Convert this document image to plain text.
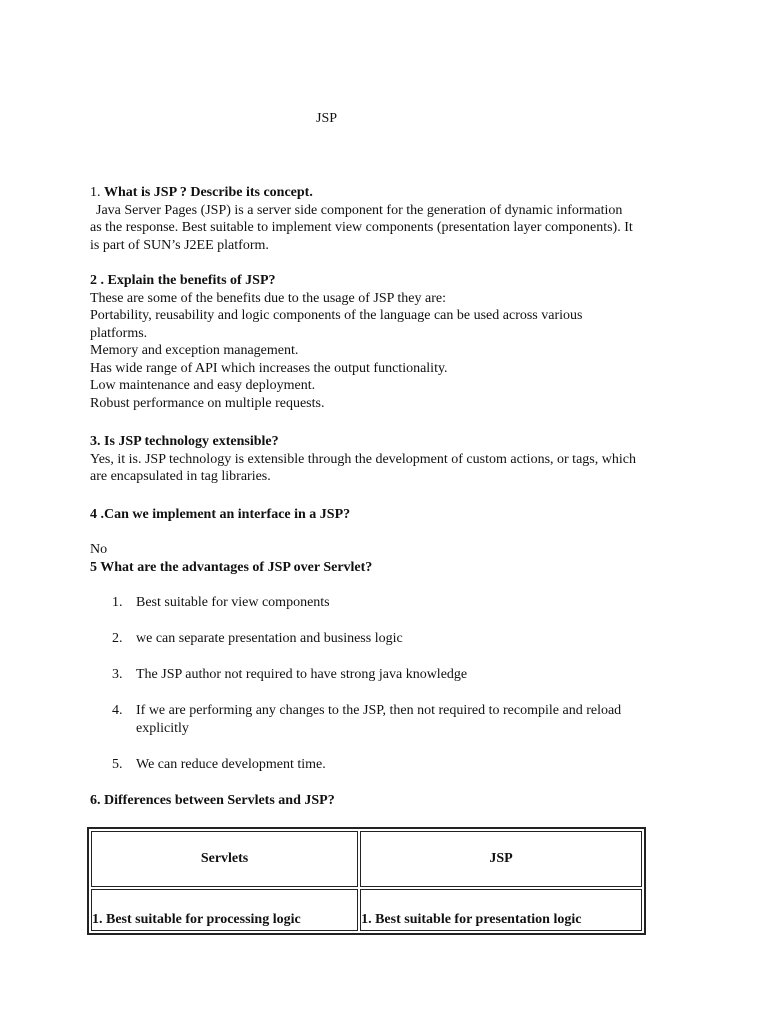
JSP
1. What is JSP ? Describe its concept.
Java Server Pages (JSP) is a server side component for the generation of dynamic information
as the response. Best suitable to implement view components (presentation layer components). It
is part of SUN’s J2EE platform.
2 . Explain the benefits of JSP?
These are some of the benefits due to the usage of JSP they are:
Portability, reusability and logic components of the language can be used across various
platforms.
Memory and exception management.
Has wide range of API which increases the output functionality.
Low maintenance and easy deployment.
Robust performance on multiple requests.
3. Is JSP technology extensible?
Yes, it is. JSP technology is extensible through the development of custom actions, or tags, which
are encapsulated in tag libraries.
4 .Can we implement an interface in a JSP?
No
5 What are the advantages of JSP over Servlet?
1. Best suitable for view components
2. we can separate presentation and business logic
3. The JSP author not required to have strong java knowledge
4. If we are performing any changes to the JSP, then not required to recompile and reload
explicitly
5. We can reduce development time.
6. Differences between Servlets and JSP?
Servlets	JSP
1. Best suitable for processing logic	1. Best suitable for presentation logic
